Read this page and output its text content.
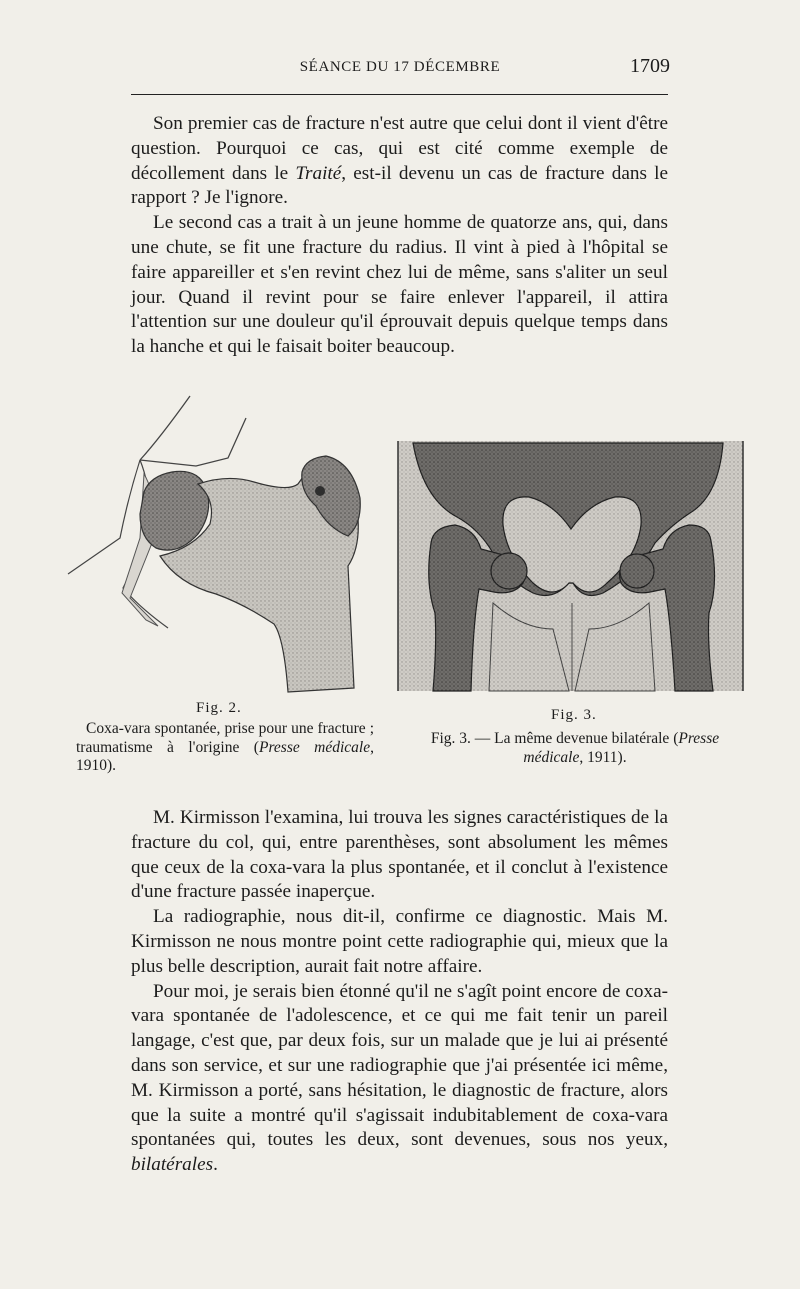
SÉANCE DU 17 DÉCEMBRE	1709

Son premier cas de fracture n'est autre que celui dont il vient d'être question. Pourquoi ce cas, qui est cité comme exemple de décollement dans le Traité, est-il devenu un cas de fracture dans le rapport ? Je l'ignore.

Le second cas a trait à un jeune homme de quatorze ans, qui, dans une chute, se fit une fracture du radius. Il vint à pied à l'hôpital se faire appareiller et s'en revint chez lui de même, sans s'aliter un seul jour. Quand il revint pour se faire enlever l'appareil, il attira l'attention sur une douleur qu'il éprouvait depuis quelque temps dans la hanche et qui le faisait boiter beaucoup.

Fig. 2.
Coxa-vara spontanée, prise pour une fracture ; traumatisme à l'origine (Presse médicale, 1910).
Fig. 3.
Fig. 3. — La même devenue bilatérale (Presse médicale, 1911).

M. Kirmisson l'examina, lui trouva les signes caractéristiques de la fracture du col, qui, entre parenthèses, sont absolument les mêmes que ceux de la coxa-vara la plus spontanée, et il conclut à l'existence d'une fracture passée inaperçue.

La radiographie, nous dit-il, confirme ce diagnostic. Mais M. Kirmisson ne nous montre point cette radiographie qui, mieux que la plus belle description, aurait fait notre affaire.

Pour moi, je serais bien étonné qu'il ne s'agît point encore de coxa-vara spontanée de l'adolescence, et ce qui me fait tenir un pareil langage, c'est que, par deux fois, sur un malade que je lui ai présenté dans son service, et sur une radiographie que j'ai présentée ici même, M. Kirmisson a porté, sans hésitation, le diagnostic de fracture, alors que la suite a montré qu'il s'agissait indubitablement de coxa-vara spontanées qui, toutes les deux, sont devenues, sous nos yeux, bilatérales.
